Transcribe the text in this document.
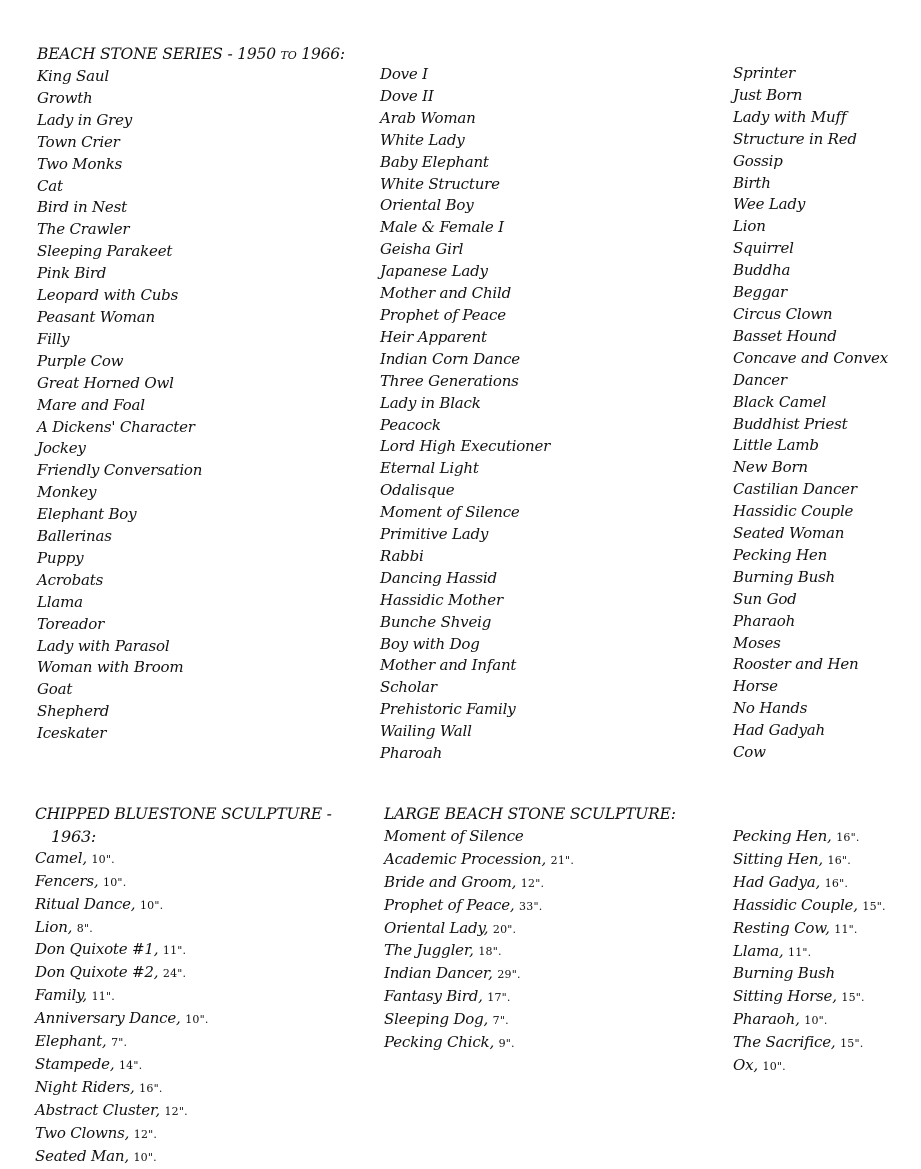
BEACH STONE SERIES - 1950 to 1966:
King Saul
Growth
Lady in Grey
Town Crier
Two Monks
Cat
Bird in Nest
The Crawler
Sleeping Parakeet
Pink Bird
Leopard with Cubs
Peasant Woman
Filly
Purple Cow
Great Horned Owl
Mare and Foal
A Dickens' Character
Jockey
Friendly Conversation
Monkey
Elephant Boy
Ballerinas
Puppy
Acrobats
Llama
Toreador
Lady with Parasol
Woman with Broom
Goat
Shepherd
Iceskater
Dove I
Dove II
Arab Woman
White Lady
Baby Elephant
White Structure
Oriental Boy
Male & Female I
Geisha Girl
Japanese Lady
Mother and Child
Prophet of Peace
Heir Apparent
Indian Corn Dance
Three Generations
Lady in Black
Peacock
Lord High Executioner
Eternal Light
Odalisque
Moment of Silence
Primitive Lady
Rabbi
Dancing Hassid
Hassidic Mother
Bunche Shveig
Boy with Dog
Mother and Infant
Scholar
Prehistoric Family
Wailing Wall
Pharoah
Sprinter
Just Born
Lady with Muff
Structure in Red
Gossip
Birth
Wee Lady
Lion
Squirrel
Buddha
Beggar
Circus Clown
Basset Hound
Concave and Convex
Dancer
Black Camel
Buddhist Priest
Little Lamb
New Born
Castilian Dancer
Hassidic Couple
Seated Woman
Pecking Hen
Burning Bush
Sun God
Pharaoh
Moses
Rooster and Hen
Horse
No Hands
Had Gadyah
Cow
CHIPPED BLUESTONE SCULPTURE -
1963:
Camel, 10".
Fencers, 10".
Ritual Dance, 10".
Lion, 8".
Don Quixote #1, 11".
Don Quixote #2, 24".
Family, 11".
Anniversary Dance, 10".
Elephant, 7".
Stampede, 14".
Night Riders, 16".
Abstract Cluster, 12".
Two Clowns, 12".
Seated Man, 10".
LARGE BEACH STONE SCULPTURE:
Moment of Silence
Academic Procession, 21".
Bride and Groom, 12".
Prophet of Peace, 33".
Oriental Lady, 20".
The Juggler, 18".
Indian Dancer, 29".
Fantasy Bird, 17".
Sleeping Dog, 7".
Pecking Chick, 9".
Pecking Hen, 16".
Sitting Hen, 16".
Had Gadya, 16".
Hassidic Couple, 15".
Resting Cow, 11".
Llama, 11".
Burning Bush
Sitting Horse, 15".
Pharaoh, 10".
The Sacrifice, 15".
Ox, 10".
